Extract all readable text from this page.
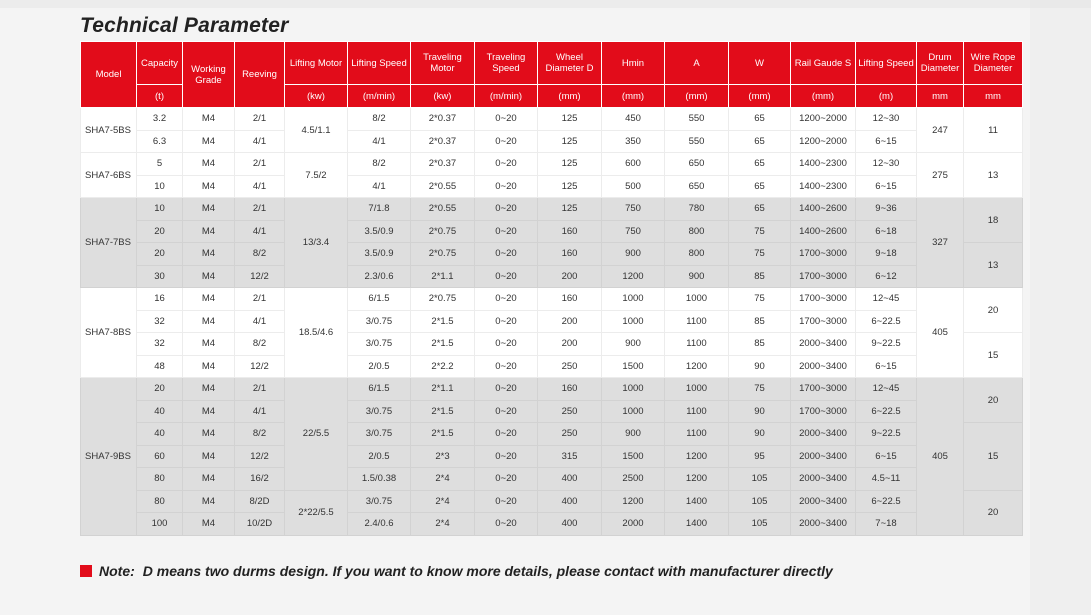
Technical Parameter
Model	Capacity	Working Grade	Reeving	Lifting Motor	Lifting Speed	Traveling Motor	Traveling Speed	Wheel Diameter D	Hmin	A	W	Rail Gaude S	Lifting Speed	Drum Diameter	Wire Rope Diameter
	(t)			(kw)	(m/min)	(kw)	(m/min)	(mm)	(mm)	(mm)	(mm)	(mm)	(m)	mm	mm
SHA7-5BS	3.2	M4	2/1	4.5/1.1	8/2	2*0.37	0~20	125	450	550	65	1200~2000	12~30	247	11
	6.3	M4	4/1		4/1	2*0.37	0~20	125	350	550	65	1200~2000	6~15		
SHA7-6BS	5	M4	2/1	7.5/2	8/2	2*0.37	0~20	125	600	650	65	1400~2300	12~30	275	13
	10	M4	4/1		4/1	2*0.55	0~20	125	500	650	65	1400~2300	6~15		
SHA7-7BS	10	M4	2/1	13/3.4	7/1.8	2*0.55	0~20	125	750	780	65	1400~2600	9~36	327	18
	20	M4	4/1		3.5/0.9	2*0.75	0~20	160	750	800	75	1400~2600	6~18		
	20	M4	8/2		3.5/0.9	2*0.75	0~20	160	900	800	75	1700~3000	9~18		13
	30	M4	12/2		2.3/0.6	2*1.1	0~20	200	1200	900	85	1700~3000	6~12		
SHA7-8BS	16	M4	2/1	18.5/4.6	6/1.5	2*0.75	0~20	160	1000	1000	75	1700~3000	12~45	405	20
	32	M4	4/1		3/0.75	2*1.5	0~20	200	1000	1100	85	1700~3000	6~22.5		
	32	M4	8/2		3/0.75	2*1.5	0~20	200	900	1100	85	2000~3400	9~22.5		15
	48	M4	12/2		2/0.5	2*2.2	0~20	250	1500	1200	90	2000~3400	6~15		
SHA7-9BS	20	M4	2/1	22/5.5	6/1.5	2*1.1	0~20	160	1000	1000	75	1700~3000	12~45	405	20
	40	M4	4/1		3/0.75	2*1.5	0~20	250	1000	1100	90	1700~3000	6~22.5		
	40	M4	8/2		3/0.75	2*1.5	0~20	250	900	1100	90	2000~3400	9~22.5		15
	60	M4	12/2		2/0.5	2*3	0~20	315	1500	1200	95	2000~3400	6~15		
	80	M4	16/2		1.5/0.38	2*4	0~20	400	2500	1200	105	2000~3400	4.5~11		
	80	M4	8/2D	2*22/5.5	3/0.75	2*4	0~20	400	1200	1400	105	2000~3400	6~22.5		20
	100	M4	10/2D		2.4/0.6	2*4	0~20	400	2000	1400	105	2000~3400	7~18		
Note: D means two durms design. If you want to know more details, please contact with manufacturer directly
